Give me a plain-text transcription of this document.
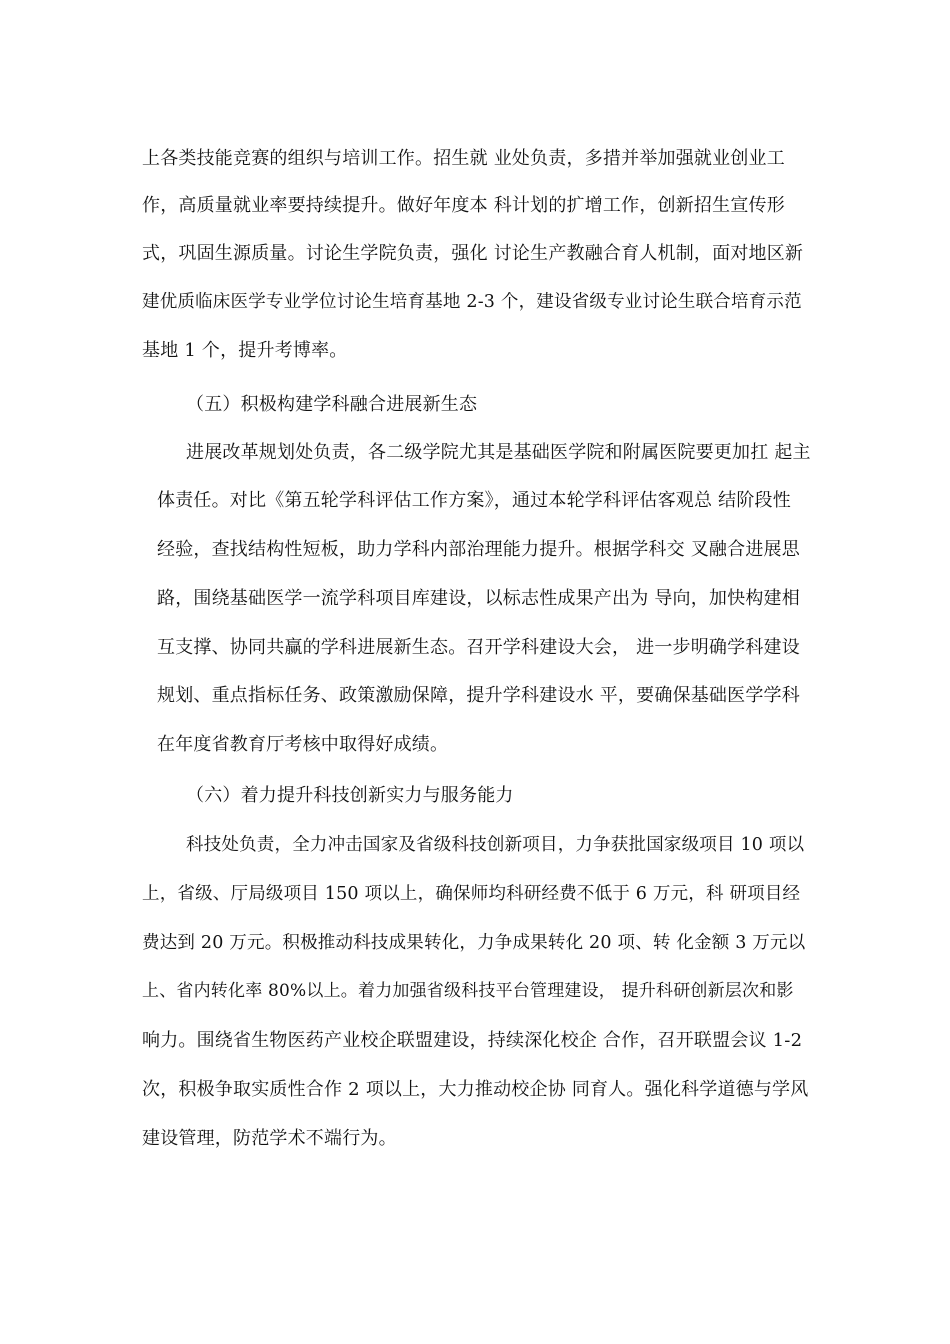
上各类技能竞赛的组织与培训工作。招生就 业处负责，多措并举加强就业创业工
作，高质量就业率要持续提升。做好年度本 科计划的扩增工作，创新招生宣传形
式，巩固生源质量。讨论生学院负责，强化 讨论生产教融合育人机制，面对地区新
建优质临床医学专业学位讨论生培育基地 2-3 个，建设省级专业讨论生联合培育示范
基地 1 个，提升考博率。
（五）积极构建学科融合进展新生态
进展改革规划处负责，各二级学院尤其是基础医学院和附属医院要更加扛 起主
体责任。对比《第五轮学科评估工作方案》，通过本轮学科评估客观总 结阶段性
经验，查找结构性短板，助力学科内部治理能力提升。根据学科交 叉融合进展思
路，围绕基础医学一流学科项目库建设，以标志性成果产出为 导向，加快构建相
互支撑、协同共赢的学科进展新生态。召开学科建设大会， 进一步明确学科建设
规划、重点指标任务、政策激励保障，提升学科建设水 平，要确保基础医学学科
在年度省教育厅考核中取得好成绩。
（六）着力提升科技创新实力与服务能力
科技处负责，全力冲击国家及省级科技创新项目，力争获批国家级项目 10 项以
上，省级、厅局级项目 150 项以上，确保师均科研经费不低于 6 万元，科 研项目经
费达到 20 万元。积极推动科技成果转化，力争成果转化 20 项、转 化金额 3 万元以
上、省内转化率 80%以上。着力加强省级科技平台管理建设， 提升科研创新层次和影
响力。围绕省生物医药产业校企联盟建设，持续深化校企 合作，召开联盟会议 1-2
次，积极争取实质性合作 2 项以上，大力推动校企协 同育人。强化科学道德与学风
建设管理，防范学术不端行为。
